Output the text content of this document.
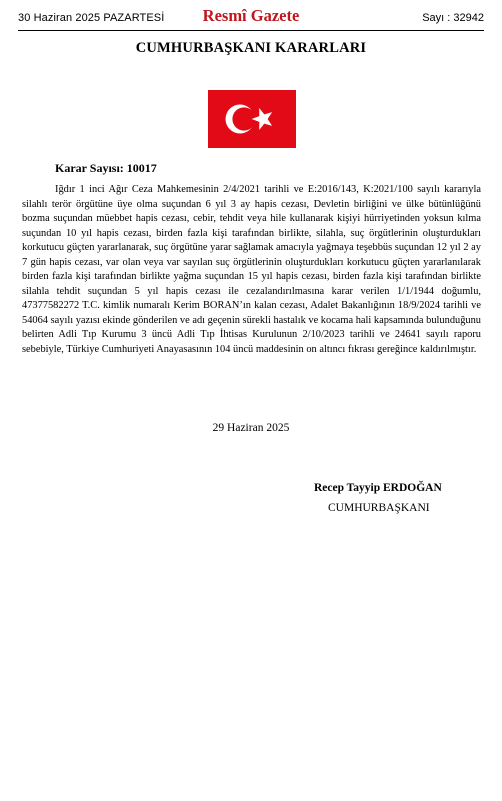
30 Haziran 2025 PAZARTESİ	Resmî Gazete	Sayı : 32942
CUMHURBAŞKANI KARARLARI
Karar Sayısı: 10017

Iğdır 1 inci Ağır Ceza Mahkemesinin 2/4/2021 tarihli ve E:2016/143, K:2021/100 sayılı kararıyla silahlı terör örgütüne üye olma suçundan 6 yıl 3 ay hapis cezası, Devletin birliğini ve ülke bütünlüğünü bozma suçundan müebbet hapis cezası, cebir, tehdit veya hile kullanarak kişiyi hürriyetinden yoksun kılma suçundan 10 yıl hapis cezası, birden fazla kişi tarafından birlikte, silahla, suç örgütlerinin oluşturdukları korkutucu güçten yararlanarak, suç örgütüne yarar sağlamak amacıyla yağmaya teşebbüs suçundan 12 yıl 2 ay 7 gün hapis cezası, var olan veya var sayılan suç örgütlerinin oluşturdukları korkutucu güçten yararlanılarak birden fazla kişi tarafından birlikte yağma suçundan 15 yıl hapis cezası, birden fazla kişi tarafından birlikte silahla tehdit suçundan 5 yıl hapis cezası ile cezalandırılmasına karar verilen 1/1/1944 doğumlu, 47377582272 T.C. kimlik numaralı Kerim BORAN’ın kalan cezası, Adalet Bakanlığının 18/9/2024 tarihli ve 54064 sayılı yazısı ekinde gönderilen ve adı geçenin sürekli hastalık ve kocama hali kapsamında bulunduğunu belirten Adli Tıp Kurumu 3 üncü Adli Tıp İhtisas Kurulunun 2/10/2023 tarihli ve 24641 sayılı raporu sebebiyle, Türkiye Cumhuriyeti Anayasasının 104 üncü maddesinin on altıncı fıkrası gereğince kaldırılmıştır.

29 Haziran 2025
Recep Tayyip ERDOĞAN
CUMHURBAŞKANI
